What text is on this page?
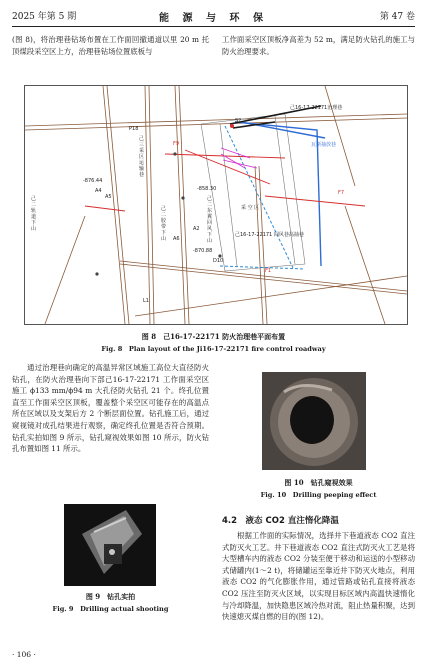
2025 年第 5 期	能 源 与 环 保	第 47 卷

(图 8)，将治理巷钻场布置在工作面回撤通道以里 20 m 托顶煤段采空区上方，治理巷钻场位置底板与

工作面采空区顶板净高差为 52 m，满足防火钻孔的施工与防火治理要求。

己16-17-22171治理巷
瓦斯抽放巷
采 空 区
己16-17-22171 回风巷高抽巷
F9
F7
F1
P18
D10
-876.44
-858.30
-870.88
A4
A5
A2
A6
S2
L1
己二轨道下山
己三采区运输巷
己二胶带下山
己二东翼回风下山

图 8　己16-17-22171 防火治理巷平面布置

Fig. 8　Plan layout of the Ji16-17-22171 fire control roadway

通过治理巷向确定的高温异常区域施工高位大直径防火钻孔，在防火治理巷向下部己16-17-22171 工作面采空区施工 ϕ133 mm/ϕ94 m 大孔径防火钻孔 21 个。终孔位置直至工作面采空区顶板，覆盖整个采空区可能存在的高温点所在区域以及支架后方 2 个断层面位置。钻孔施工后，通过窥视镜对成孔结果进行观察，确定终孔位置是否符合预期。钻孔实拍如图 9 所示，钻孔窥视效果如图 10 所示，防火钻孔布置如图 11 所示。

图 9　钻孔实拍

Fig. 9　Drilling actual shooting

图 10　钻孔窥视效果

Fig. 10　Drilling peeping effect

4.2　液态 CO2 直注惰化降温

根据工作面的实际情况，选择井下巷道液态 CO2 直注式防灭火工艺。井下巷道液态 CO2 直注式防灭火工艺是将大型槽车内的液态 CO2 分装至便于移动和运送的小型移动式储罐内(1～2 t)，将储罐运至靠近井下防灭火地点，利用液态 CO2 的气化膨胀作用，通过管路或钻孔直接将液态 CO2 压注至防灭火区域，以实现目标区域内高温快速惰化与冷却降温，加快隐患区域冷热对流，阻止热量积聚，达到快速熄灭煤自燃的目的(图 12)。

· 106 ·
